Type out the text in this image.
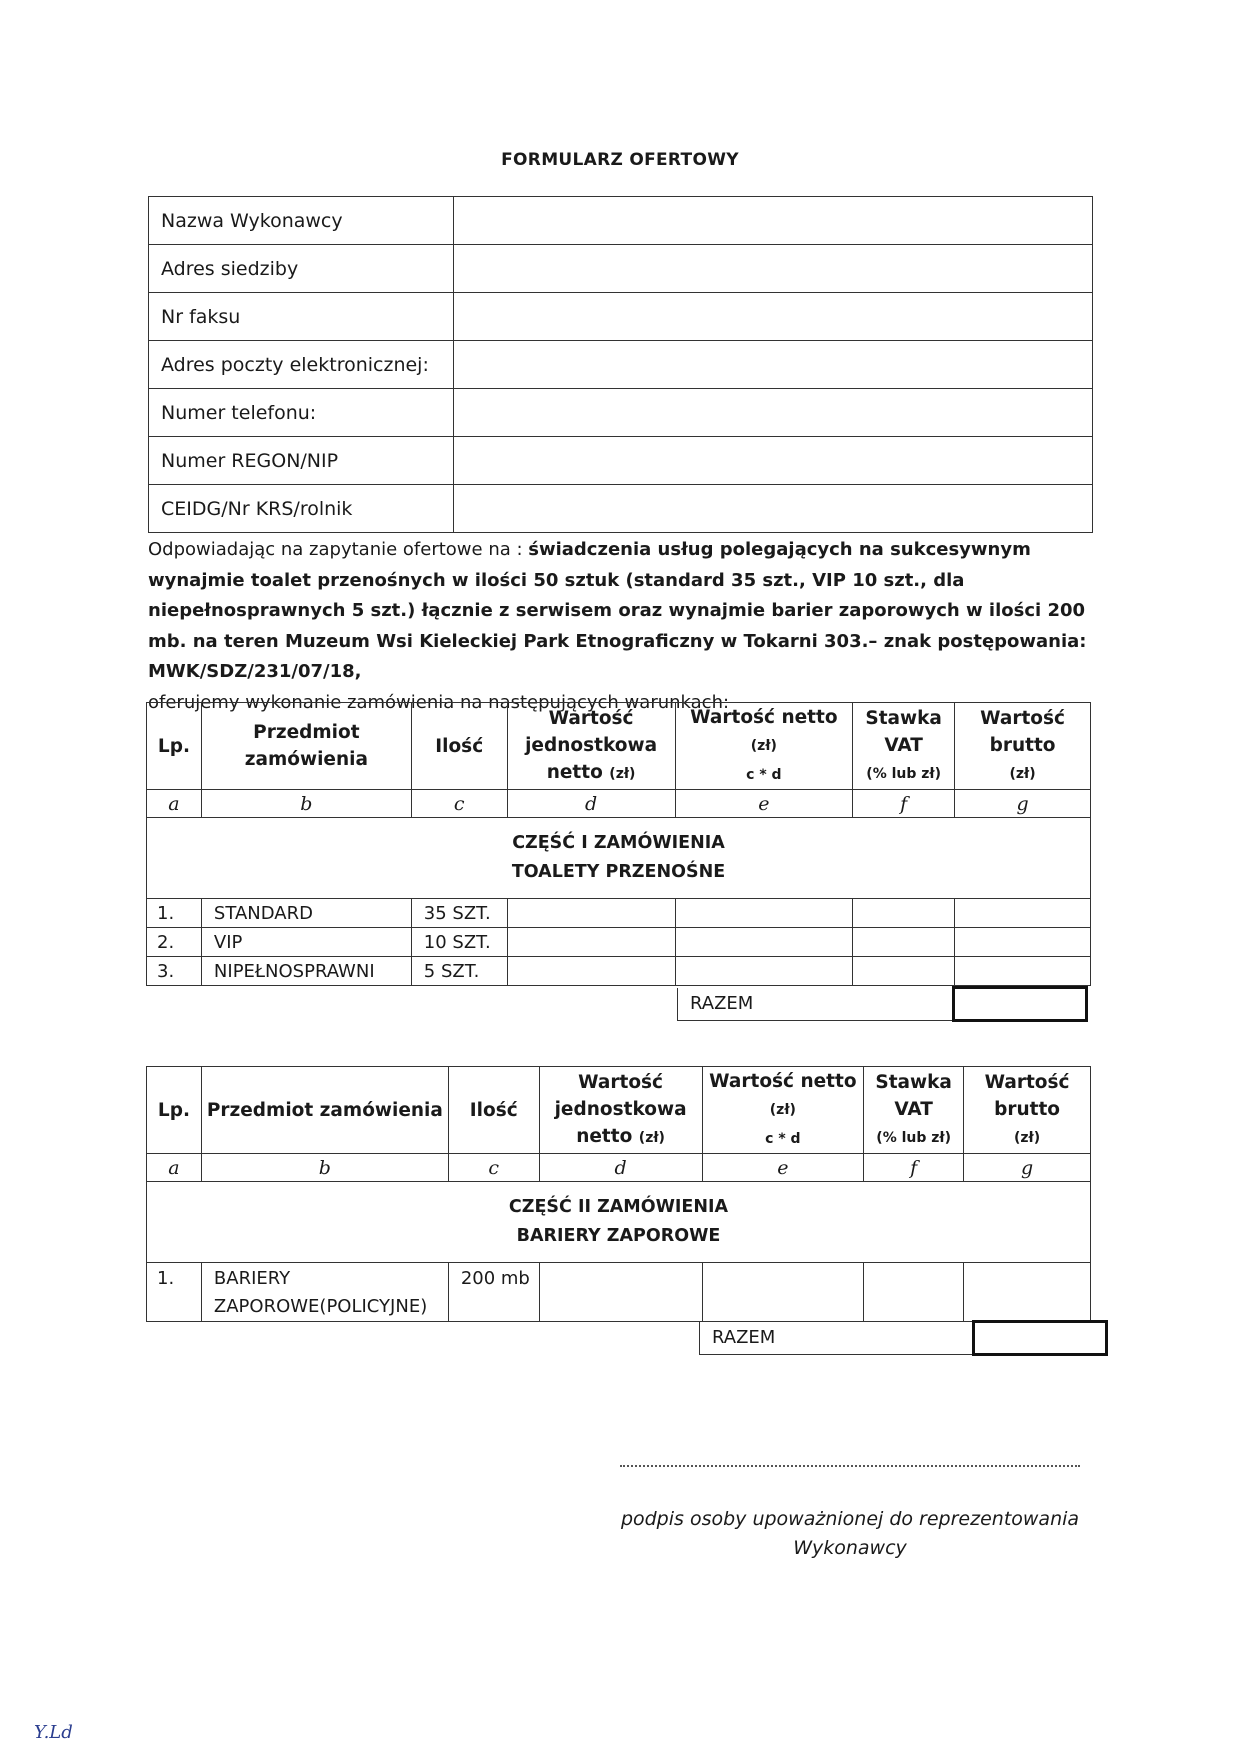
FORMULARZ OFERTOWY
Nazwa Wykonawcy	
Adres siedziby	
Nr faksu	
Adres poczty elektronicznej:	
Numer telefonu:	
Numer REGON/NIP	
CEIDG/Nr KRS/rolnik	
Odpowiadając na zapytanie ofertowe na : świadczenia usług polegających na sukcesywnym wynajmie toalet przenośnych w ilości 50 sztuk (standard 35 szt., VIP 10 szt., dla niepełnosprawnych 5 szt.) łącznie z serwisem oraz wynajmie barier zaporowych w ilości 200 mb. na teren Muzeum Wsi Kieleckiej Park Etnograficzny w Tokarni 303.– znak postępowania: MWK/SDZ/231/07/18,
oferujemy wykonanie zamówienia na następujących warunkach:
Lp.	Przedmiot zamówienia	Ilość	Wartość jednostkowa netto (zł)	Wartość netto
(zł)
c * d	Stawka VAT
(% lub zł)	Wartość brutto
(zł)
a	b	c	d	e	f	g
CZĘŚĆ I ZAMÓWIENIA
TOALETY PRZENOŚNE						
1.	STANDARD	35 SZT.				
2.	VIP	10 SZT.				
3.	NIPEŁNOSPRAWNI	5 SZT.				
RAZEM	
Lp.	Przedmiot zamówienia	Ilość	Wartość jednostkowa netto (zł)	Wartość netto
(zł)
c * d	Stawka VAT
(% lub zł)	Wartość brutto
(zł)
a	b	c	d	e	f	g
CZĘŚĆ II ZAMÓWIENIA
BARIERY ZAPOROWE						
1.	BARIERY ZAPOROWE(POLICYJNE)	200 mb				
RAZEM	
podpis osoby upoważnionej do reprezentowania Wykonawcy
Y.Ld
